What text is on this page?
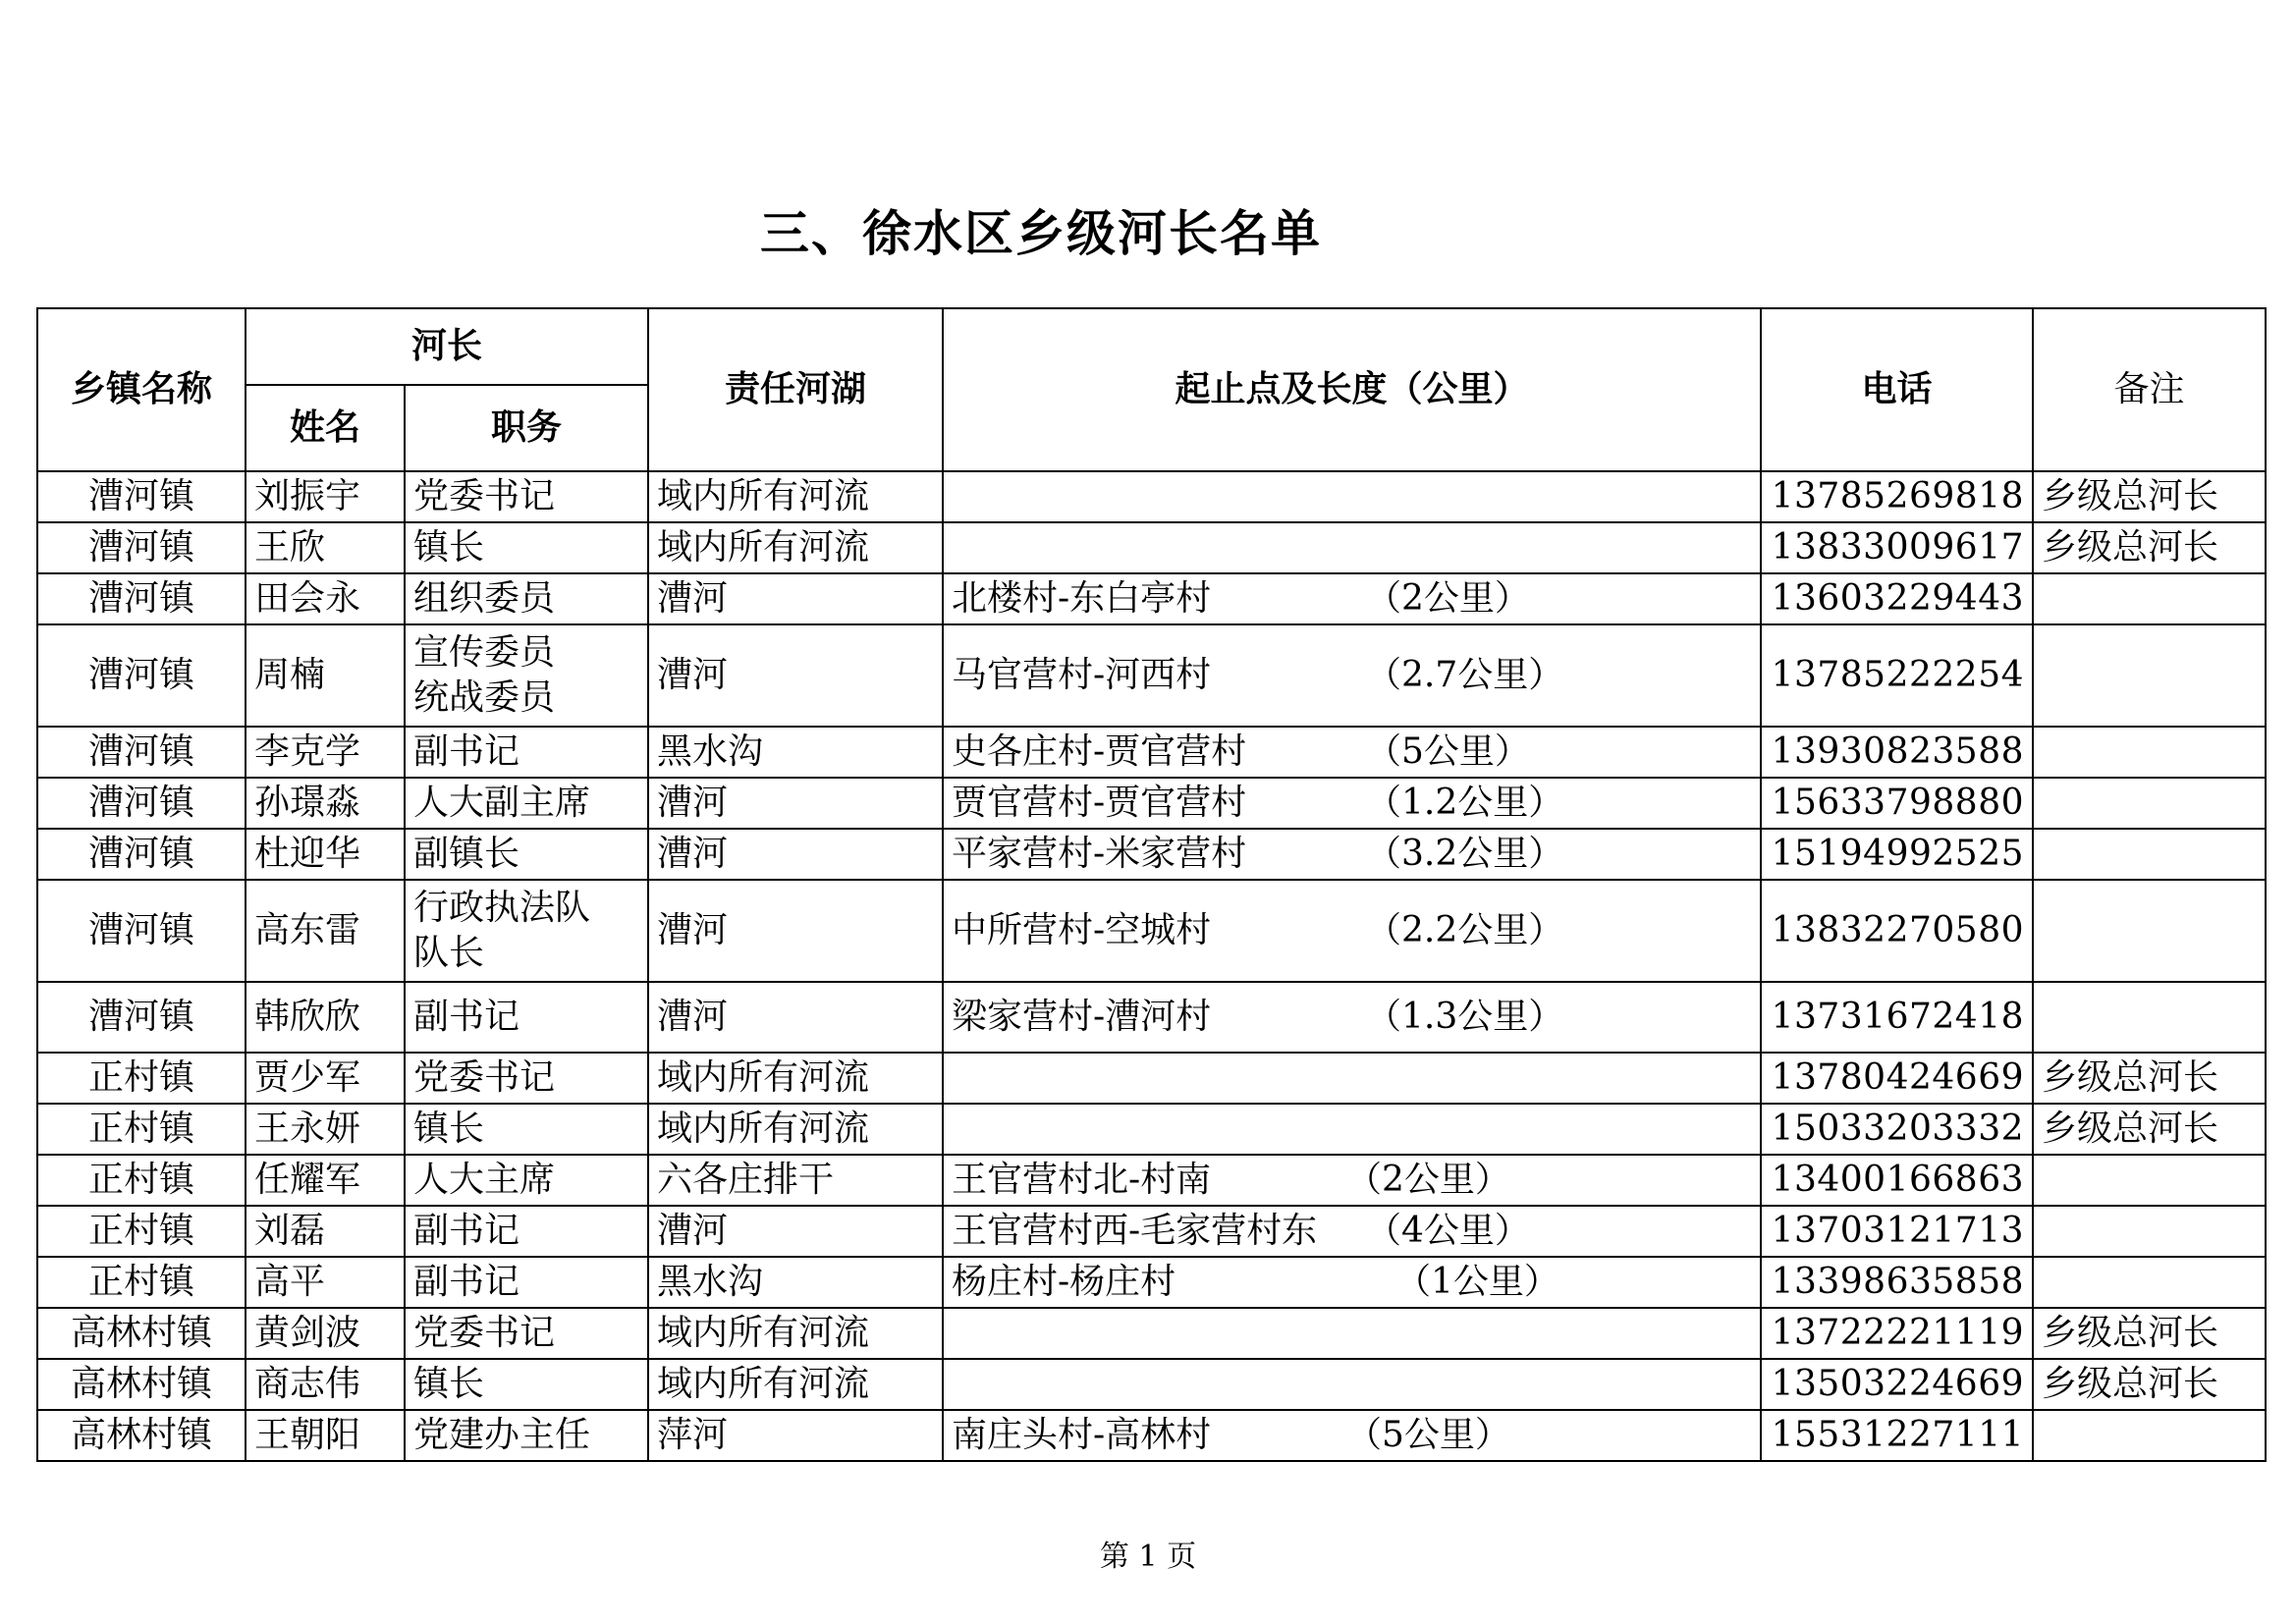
三、徐水区乡级河长名单
乡镇名称	河长		责任河湖	起止点及长度（公里）	电话	备注
	姓名	职务				
漕河镇	刘振宇	党委书记	域内所有河流		13785269818	乡级总河长
漕河镇	王欣	镇长	域内所有河流		13833009617	乡级总河长
漕河镇	田会永	组织委员	漕河	北楼村-东白亭村 （2公里）	13603229443	
漕河镇	周楠	宣传委员
统战委员	漕河	马官营村-河西村 （2.7公里）	13785222254	
漕河镇	李克学	副书记	黑水沟	史各庄村-贾官营村 （5公里）	13930823588	
漕河镇	孙璟淼	人大副主席	漕河	贾官营村-贾官营村 （1.2公里）	15633798880	
漕河镇	杜迎华	副镇长	漕河	平家营村-米家营村 （3.2公里）	15194992525	
漕河镇	高东雷	行政执法队
队长	漕河	中所营村-空城村 （2.2公里）	13832270580	
漕河镇	韩欣欣	副书记	漕河	梁家营村-漕河村 （1.3公里）	13731672418	
正村镇	贾少军	党委书记	域内所有河流		13780424669	乡级总河长
正村镇	王永妍	镇长	域内所有河流		15033203332	乡级总河长
正村镇	任耀军	人大主席	六各庄排干	王官营村北-村南 （2公里）	13400166863	
正村镇	刘磊	副书记	漕河	王官营村西-毛家营村东 （4公里）	13703121713	
正村镇	高平	副书记	黑水沟	杨庄村-杨庄村 （1公里）	13398635858	
高林村镇	黄剑波	党委书记	域内所有河流		13722221119	乡级总河长
高林村镇	商志伟	镇长	域内所有河流		13503224669	乡级总河长
高林村镇	王朝阳	党建办主任	萍河	南庄头村-高林村 （5公里）	15531227111	
第 1 页
